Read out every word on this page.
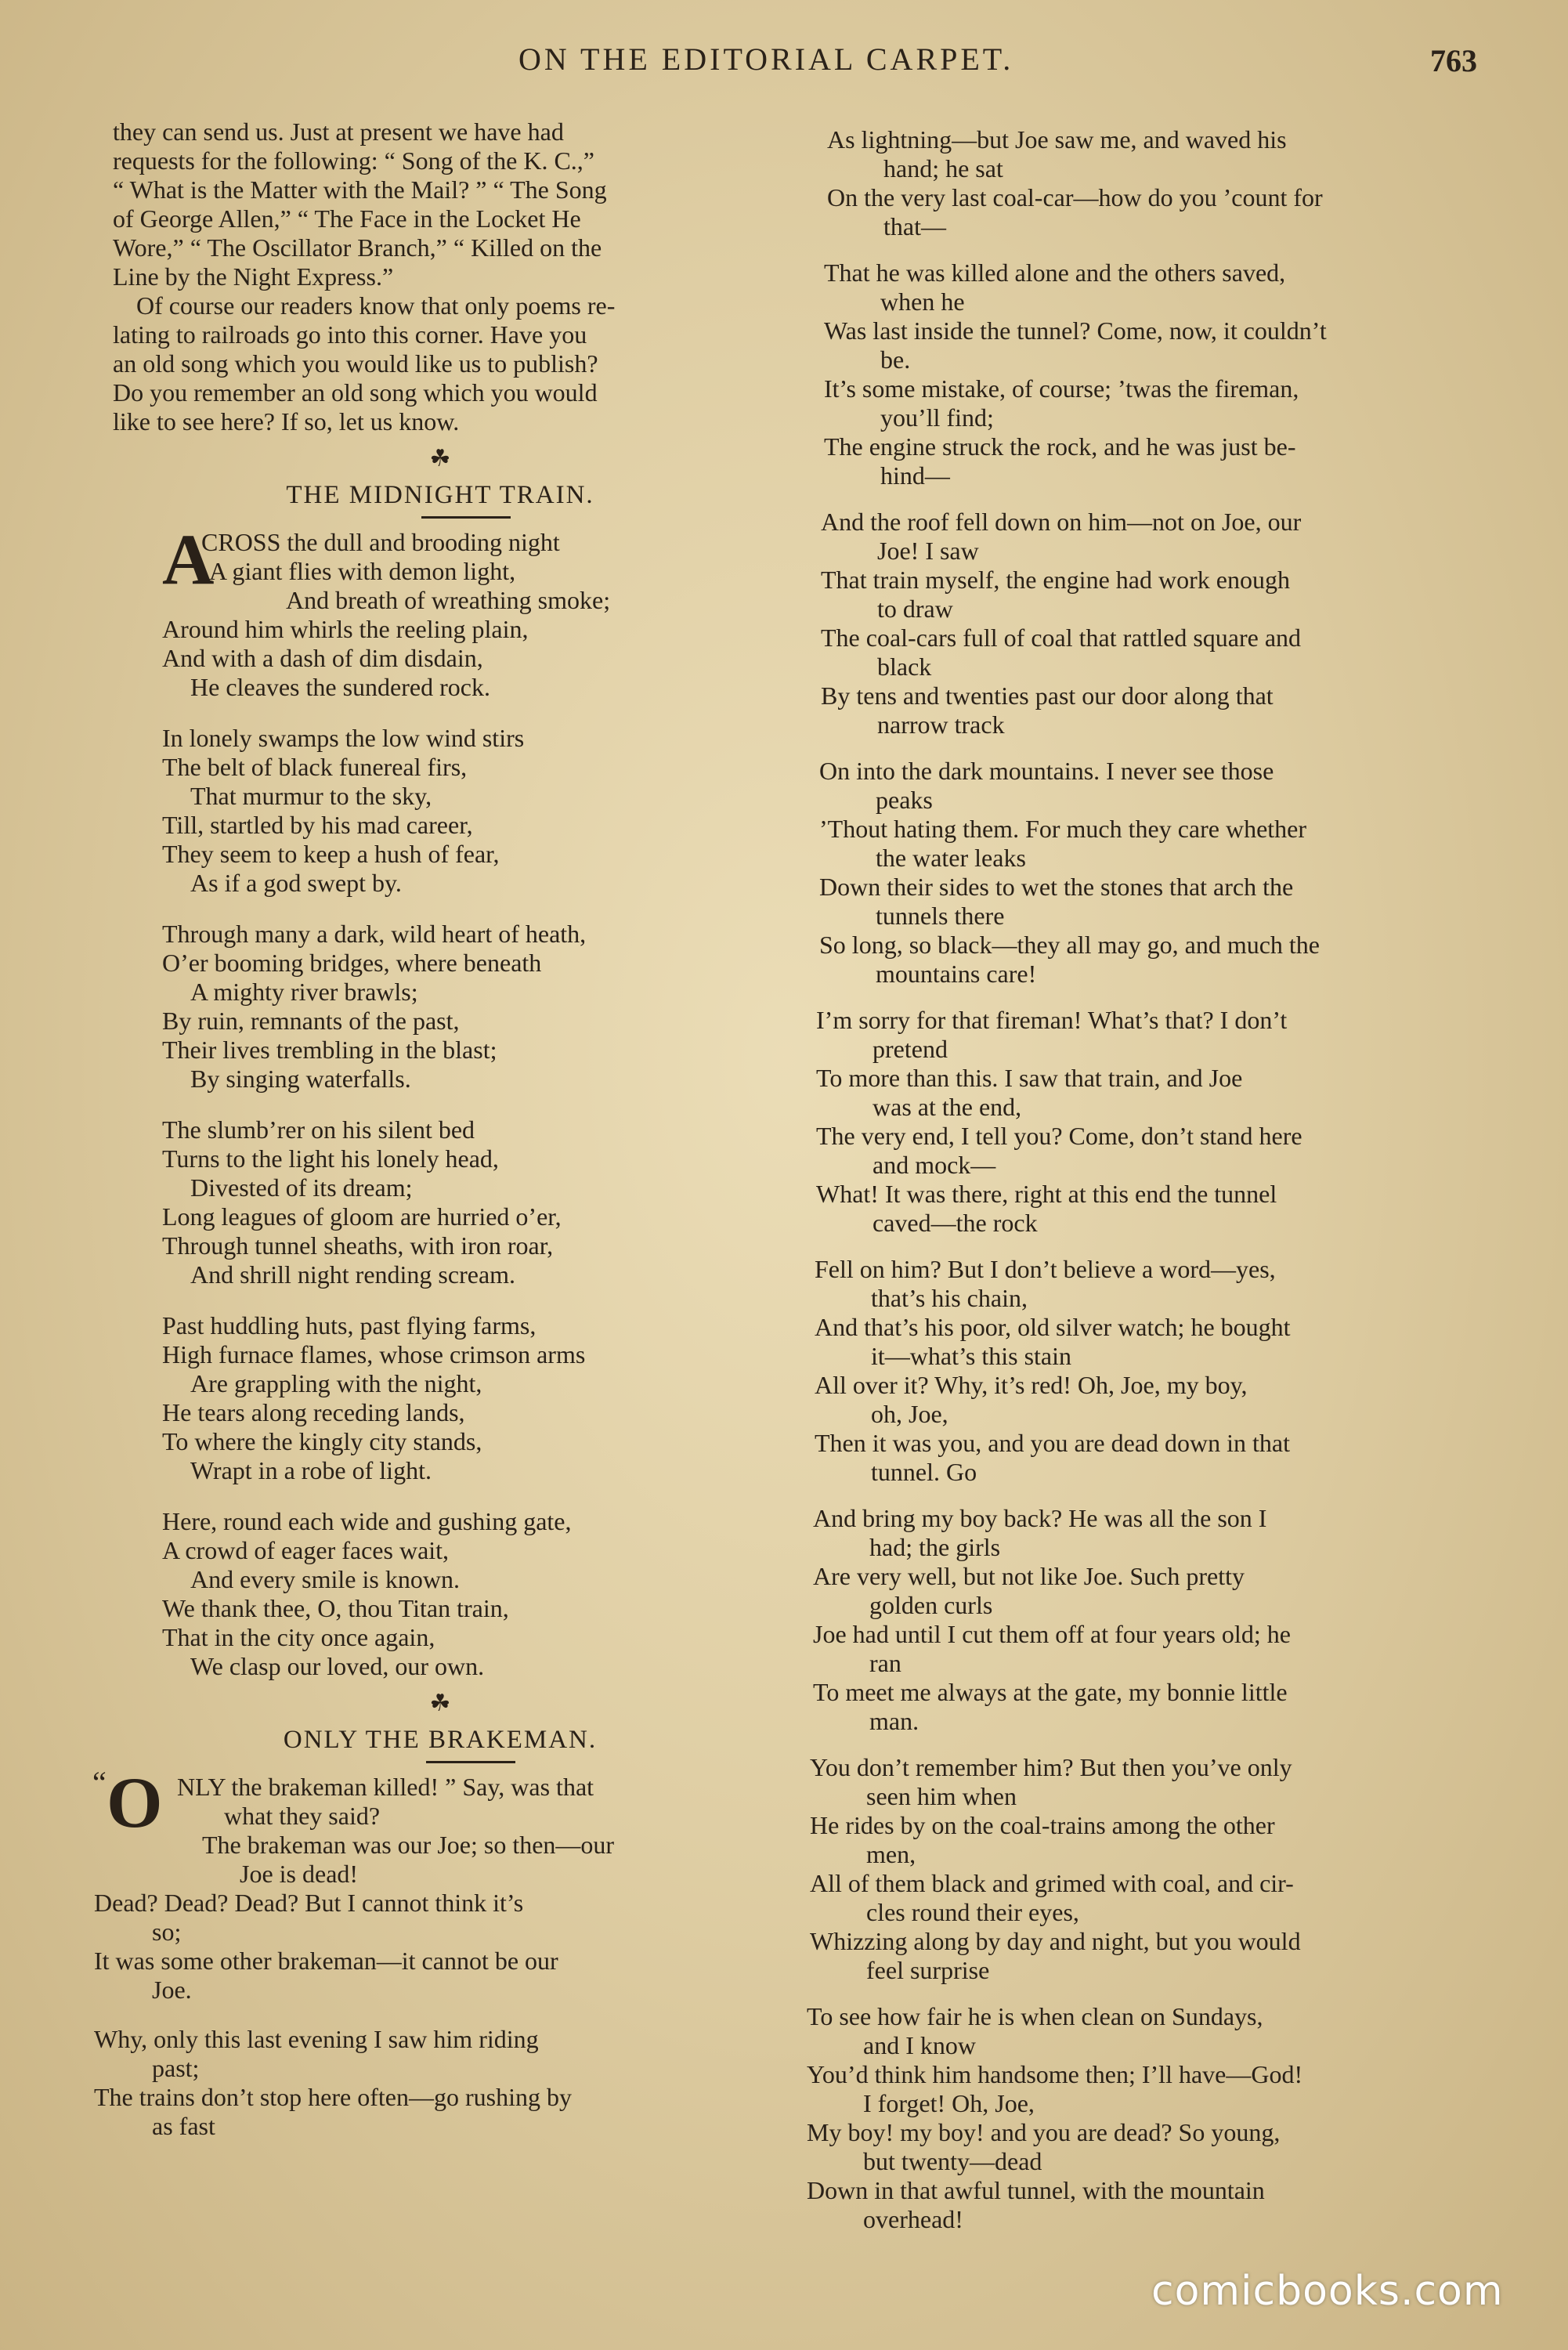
ON THE EDITORIAL CARPET.	763
they can send us. Just at present we have had
requests for the following: “ Song of the K. C.,”
“ What is the Matter with the Mail? ” “ The Song
of George Allen,” “ The Face in the Locket He
Wore,” “ The Oscillator Branch,” “ Killed on the
Line by the Night Express.”
Of course our readers know that only poems re-
lating to railroads go into this corner. Have you
an old song which you would like us to publish?
Do you remember an old song which you would
like to see here? If so, let us know.
☘
THE MIDNIGHT TRAIN.
A
CROSS the dull and brooding night
A giant flies with demon light,
And breath of wreathing smoke;
Around him whirls the reeling plain,
And with a dash of dim disdain,
He cleaves the sundered rock.
In lonely swamps the low wind stirs
The belt of black funereal firs,
That murmur to the sky,
Till, startled by his mad career,
They seem to keep a hush of fear,
As if a god swept by.
Through many a dark, wild heart of heath,
O’er booming bridges, where beneath
A mighty river brawls;
By ruin, remnants of the past,
Their lives trembling in the blast;
By singing waterfalls.
The slumb’rer on his silent bed
Turns to the light his lonely head,
Divested of its dream;
Long leagues of gloom are hurried o’er,
Through tunnel sheaths, with iron roar,
And shrill night rending scream.
Past huddling huts, past flying farms,
High furnace flames, whose crimson arms
Are grappling with the night,
He tears along receding lands,
To where the kingly city stands,
Wrapt in a robe of light.
Here, round each wide and gushing gate,
A crowd of eager faces wait,
And every smile is known.
We thank thee, O, thou Titan train,
That in the city once again,
We clasp our loved, our own.
☘
ONLY THE BRAKEMAN.
“ O NLY the brakeman killed! ” Say, was that
what they said?
The brakeman was our Joe; so then—our
Joe is dead!
Dead? Dead? Dead? But I cannot think it’s
so;
It was some other brakeman—it cannot be our
Joe.
Why, only this last evening I saw him riding
past;
The trains don’t stop here often—go rushing by
as fast
As lightning—but Joe saw me, and waved his
hand; he sat
On the very last coal-car—how do you ’count for
that—
That he was killed alone and the others saved,
when he
Was last inside the tunnel? Come, now, it couldn’t
be.
It’s some mistake, of course; ’twas the fireman,
you’ll find;
The engine struck the rock, and he was just be-
hind—
And the roof fell down on him—not on Joe, our
Joe! I saw
That train myself, the engine had work enough
to draw
The coal-cars full of coal that rattled square and
black
By tens and twenties past our door along that
narrow track
On into the dark mountains. I never see those
peaks
’Thout hating them. For much they care whether
the water leaks
Down their sides to wet the stones that arch the
tunnels there
So long, so black—they all may go, and much the
mountains care!
I’m sorry for that fireman! What’s that? I don’t
pretend
To more than this. I saw that train, and Joe
was at the end,
The very end, I tell you? Come, don’t stand here
and mock—
What! It was there, right at this end the tunnel
caved—the rock
Fell on him? But I don’t believe a word—yes,
that’s his chain,
And that’s his poor, old silver watch; he bought
it—what’s this stain
All over it? Why, it’s red! Oh, Joe, my boy,
oh, Joe,
Then it was you, and you are dead down in that
tunnel. Go
And bring my boy back? He was all the son I
had; the girls
Are very well, but not like Joe. Such pretty
golden curls
Joe had until I cut them off at four years old; he
ran
To meet me always at the gate, my bonnie little
man.
You don’t remember him? But then you’ve only
seen him when
He rides by on the coal-trains among the other
men,
All of them black and grimed with coal, and cir-
cles round their eyes,
Whizzing along by day and night, but you would
feel surprise
To see how fair he is when clean on Sundays,
and I know
You’d think him handsome then; I’ll have—God!
I forget! Oh, Joe,
My boy! my boy! and you are dead? So young,
but twenty—dead
Down in that awful tunnel, with the mountain
overhead!
comicbooks.com
